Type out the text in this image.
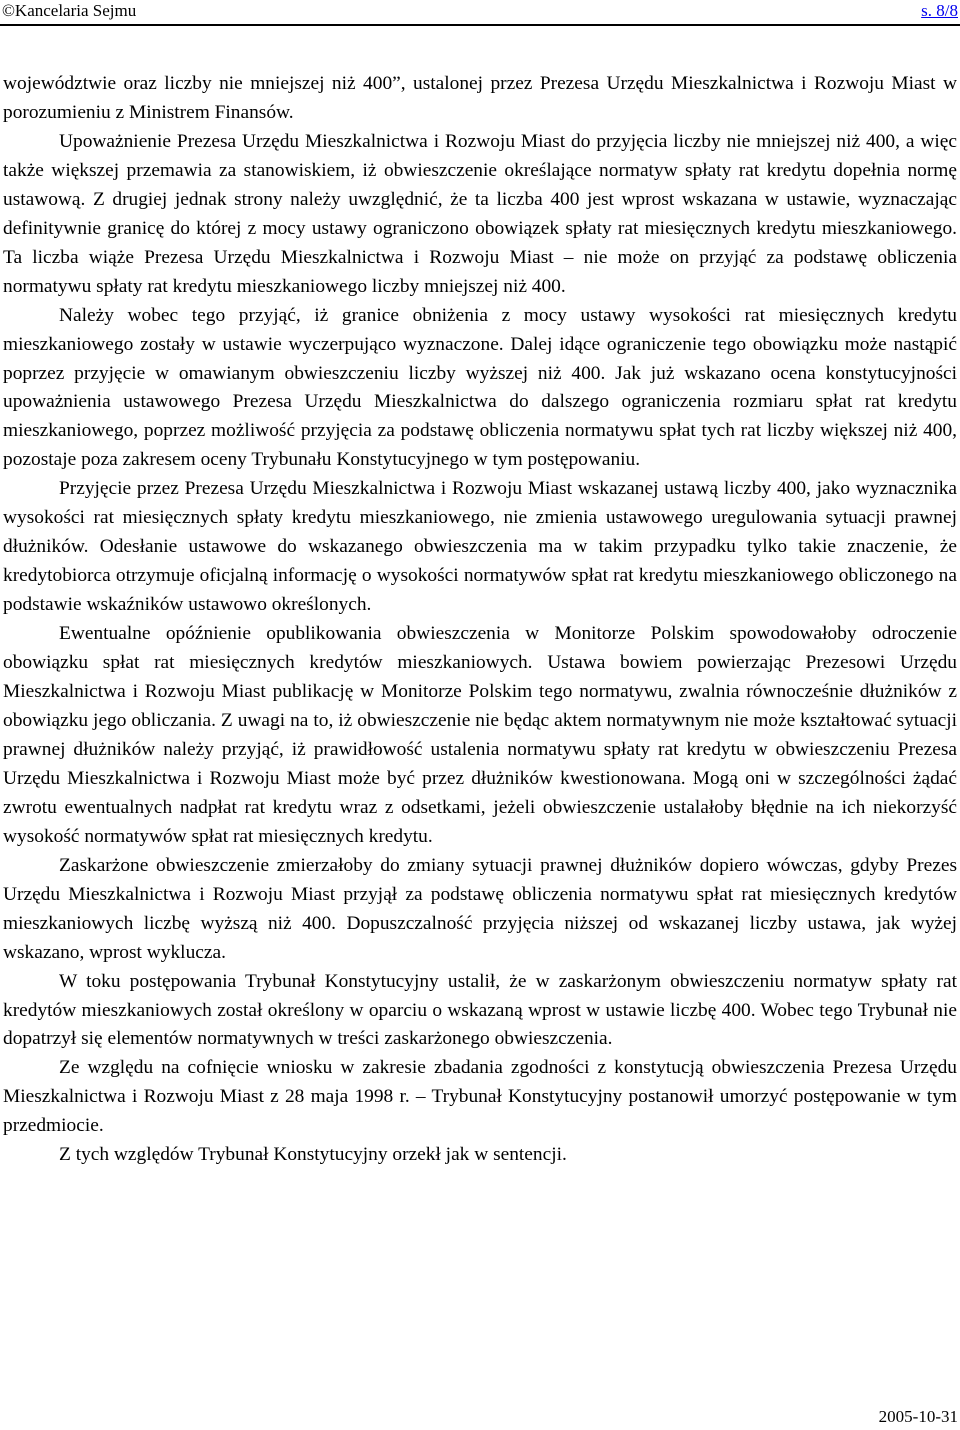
©Kancelaria Sejmu	s. 8/8

województwie oraz liczby nie mniejszej niż 400”, ustalonej przez Prezesa Urzędu Mieszkalnictwa i Rozwoju Miast w porozumieniu z Ministrem Finansów.

Upoważnienie Prezesa Urzędu Mieszkalnictwa i Rozwoju Miast do przyjęcia liczby nie mniejszej niż 400, a więc także większej przemawia za stanowiskiem, iż obwieszczenie określające normatyw spłaty rat kredytu dopełnia normę ustawową. Z drugiej jednak strony należy uwzględnić, że ta liczba 400 jest wprost wskazana w ustawie, wyznaczając definitywnie granicę do której z mocy ustawy ograniczono obowiązek spłaty rat miesięcznych kredytu mieszkaniowego. Ta liczba wiąże Prezesa Urzędu Mieszkalnictwa i Rozwoju Miast – nie może on przyjąć za podstawę obliczenia normatywu spłaty rat kredytu mieszkaniowego liczby mniejszej niż 400.

Należy wobec tego przyjąć, iż granice obniżenia z mocy ustawy wysokości rat miesięcznych kredytu mieszkaniowego zostały w ustawie wyczerpująco wyznaczone. Dalej idące ograniczenie tego obowiązku może nastąpić poprzez przyjęcie w omawianym obwieszczeniu liczby wyższej niż 400. Jak już wskazano ocena konstytucyjności upoważnienia ustawowego Prezesa Urzędu Mieszkalnictwa do dalszego ograniczenia rozmiaru spłat rat kredytu mieszkaniowego, poprzez możliwość przyjęcia za podstawę obliczenia normatywu spłat tych rat liczby większej niż 400, pozostaje poza zakresem oceny Trybunału Konstytucyjnego w tym postępowaniu.

Przyjęcie przez Prezesa Urzędu Mieszkalnictwa i Rozwoju Miast wskazanej ustawą liczby 400, jako wyznacznika wysokości rat miesięcznych spłaty kredytu mieszkaniowego, nie zmienia ustawowego uregulowania sytuacji prawnej dłużników. Odesłanie ustawowe do wskazanego obwieszczenia ma w takim przypadku tylko takie znaczenie, że kredytobiorca otrzymuje oficjalną informację o wysokości normatywów spłat rat kredytu mieszkaniowego obliczonego na podstawie wskaźników ustawowo określonych.

Ewentualne opóźnienie opublikowania obwieszczenia w Monitorze Polskim spowodowałoby odroczenie obowiązku spłat rat miesięcznych kredytów mieszkaniowych. Ustawa bowiem powierzając Prezesowi Urzędu Mieszkalnictwa i Rozwoju Miast publikację w Monitorze Polskim tego normatywu, zwalnia równocześnie dłużników z obowiązku jego obliczania. Z uwagi na to, iż obwieszczenie nie będąc aktem normatywnym nie może kształtować sytuacji prawnej dłużników należy przyjąć, iż prawidłowość ustalenia normatywu spłaty rat kredytu w obwieszczeniu Prezesa Urzędu Mieszkalnictwa i Rozwoju Miast może być przez dłużników kwestionowana. Mogą oni w szczególności żądać zwrotu ewentualnych nadpłat rat kredytu wraz z odsetkami, jeżeli obwieszczenie ustalałoby błędnie na ich niekorzyść wysokość normatywów spłat rat miesięcznych kredytu.

Zaskarżone obwieszczenie zmierzałoby do zmiany sytuacji prawnej dłużników dopiero wówczas, gdyby Prezes Urzędu Mieszkalnictwa i Rozwoju Miast przyjął za podstawę obliczenia normatywu spłat rat miesięcznych kredytów mieszkaniowych liczbę wyższą niż 400. Dopuszczalność przyjęcia niższej od wskazanej liczby ustawa, jak wyżej wskazano, wprost wyklucza.

W toku postępowania Trybunał Konstytucyjny ustalił, że w zaskarżonym obwieszczeniu normatyw spłaty rat kredytów mieszkaniowych został określony w oparciu o wskazaną wprost w ustawie liczbę 400. Wobec tego Trybunał nie dopatrzył się elementów normatywnych w treści zaskarżonego obwieszczenia.

Ze względu na cofnięcie wniosku w zakresie zbadania zgodności z konstytucją obwieszczenia Prezesa Urzędu Mieszkalnictwa i Rozwoju Miast z 28 maja 1998 r. – Trybunał Konstytucyjny postanowił umorzyć postępowanie w tym przedmiocie.

Z tych względów Trybunał Konstytucyjny orzekł jak w sentencji.

2005-10-31
